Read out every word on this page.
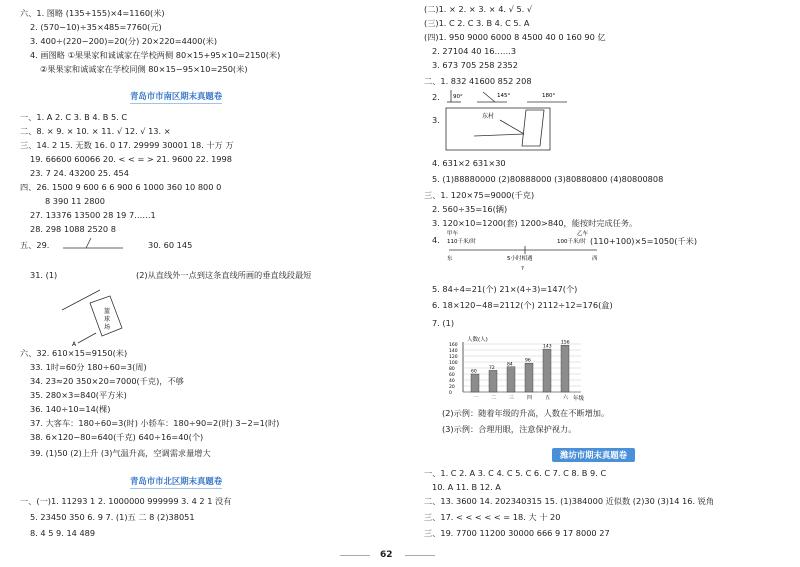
六、1. 图略 (135+155)×4=1160(米)
2. (570−10)÷35×485=7760(元)
3. 400÷(220−200)=20(分) 20×220=4400(米)
4. 画图略 ①果果家和诚诚家在学校两侧 80×15+95×10=2150(米)
②果果家和诚诚家在学校同侧 80×15−95×10=250(米)
一、1. A 2. C 3. B 4. B 5. C
二、8. × 9. × 10. × 11. √ 12. √ 13. ×
三、14. 2 15. 无数 16. 0 17. 29999 30001 18. 十万 万
19. 66600 60066 20. < < = > 21. 9600 22. 1998
23. 7 24. 43200 25. 454
四、26. 1500 9 600 6 6 900 6 1000 360 10 800 0
8 390 11 2800
27. 13376 13500 28 19 7……1
28. 298 1088 2520 8
五、29.	30. 60 145
31. (1)	(2)从直线外一点到这条直线所画的垂直线段最短
六、32. 610×15=9150(米)
33. 1时=60分 180÷60=3(周)
34. 23≈20 350×20=7000(千克)，不够
35. 280×3=840(平方米)
36. 140÷10=14(棵)
37. 大客车：180÷60=3(时) 小轿车：180÷90=2(时) 3−2=1(时)
38. 6×120−80=640(千克) 640÷16=40(个)
39. (1)50 (2)上升 (3)气温升高，空调需求量增大
一、(一)1. 11293 1 2. 1000000 999999 3. 4 2 1 没有
5. 23450 350 6. 9 7. (1)五 二 8 (2)38051
8. 4 5 9. 14 489
青岛市市南区期末真题卷
青岛市市北区期末真题卷
篮
球
场
A
(二)1. × 2. × 3. × 4. √ 5. √
(三)1. C 2. C 3. B 4. C 5. A
(四)1. 950 9000 6000 8 4500 40 0 160 90 亿
2. 27104 40 16……3
3. 673 705 258 2352
二、1. 832 41600 852 208
2.
3.
4. 631×2 631×30
5. (1)88880000 (2)80888000 (3)80880800 (4)80800808
三、1. 120×75=9000(千克)
2. 560÷35=16(辆)
3. 120×10=1200(套) 1200>840，能按时完成任务。
4.	(110+100)×5=1050(千米)
5. 84÷4=21(个) 21×(4÷3)=147(个)
6. 18×120−48=2112(个) 2112÷12=176(盒)
7. (1)
(2)示例：随着年级的升高，人数在不断增加。
(3)示例：合理用眼，注意保护视力。
一、1. C 2. A 3. C 4. C 5. C 6. C 7. C 8. B 9. C
10. A 11. B 12. A
二、13. 3600 14. 202340315 15. (1)384000 近似数 (2)30 (3)14 16. 锐角
三、17. < < < < < = 18. 大 十 20
三、19. 7700 11200 30000 666 9 17 8000 27
90°	145°	180°
东村
甲车	乙车
110千米/时	100千米/时
东	西
5小时相遇
?
人数(人)
年级
0
20
40
60
80
100
120
140
160
60
一
72
二
84
三
96
四
143
五
156
六
潍坊市期末真题卷
62
